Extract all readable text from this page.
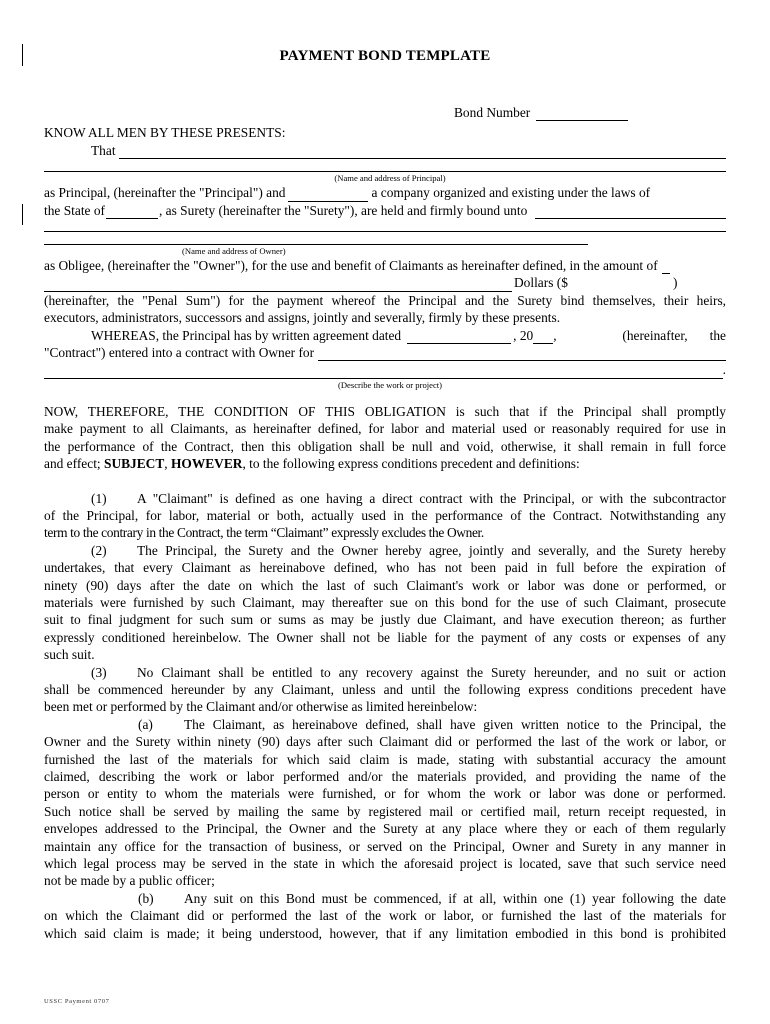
PAYMENT BOND TEMPLATE
Bond Number
KNOW ALL MEN BY THESE PRESENTS:
That
(Name and address of Principal)
as Principal, (hereinafter the "Principal") and	a company organized and existing under the laws of
the State of	, as Surety (hereinafter the "Surety"), are held and firmly bound unto
(Name and address of Owner)
as Obligee, (hereinafter the "Owner"), for the use and benefit of Claimants as hereinafter defined, in the amount of
Dollars ($	)
(hereinafter, the "Penal Sum") for the payment whereof the Principal and the Surety bind themselves, their heirs,
executors, administrators, successors and assigns, jointly and severally, firmly by these presents.
WHEREAS, the Principal has by written agreement dated	, 20 ,	(hereinafter, the
"Contract") entered into a contract with Owner for
.
(Describe the work or project)
NOW, THEREFORE, THE CONDITION OF THIS OBLIGATION is such that if the Principal shall promptly
make payment to all Claimants, as hereinafter defined, for labor and material used or reasonably required for use in
the performance of the Contract, then this obligation shall be null and void, otherwise, it shall remain in full force
and effect; SUBJECT, HOWEVER, to the following express conditions precedent and definitions:
(1) A "Claimant" is defined as one having a direct contract with the Principal, or with the subcontractor
of the Principal, for labor, material or both, actually used in the performance of the Contract. Notwithstanding any
term to the contrary in the Contract, the term “Claimant” expressly excludes the Owner.
(2) The Principal, the Surety and the Owner hereby agree, jointly and severally, and the Surety hereby
undertakes, that every Claimant as hereinabove defined, who has not been paid in full before the expiration of
ninety (90) days after the date on which the last of such Claimant's work or labor was done or performed, or
materials were furnished by such Claimant, may thereafter sue on this bond for the use of such Claimant, prosecute
suit to final judgment for such sum or sums as may be justly due Claimant, and have execution thereon; as further
expressly conditioned hereinbelow. The Owner shall not be liable for the payment of any costs or expenses of any
such suit.
(3) No Claimant shall be entitled to any recovery against the Surety hereunder, and no suit or action
shall be commenced hereunder by any Claimant, unless and until the following express conditions precedent have
been met or performed by the Claimant and/or otherwise as limited hereinbelow:
(a) The Claimant, as hereinabove defined, shall have given written notice to the Principal, the
Owner and the Surety within ninety (90) days after such Claimant did or performed the last of the work or labor, or
furnished the last of the materials for which said claim is made, stating with substantial accuracy the amount
claimed, describing the work or labor performed and/or the materials provided, and providing the name of the
person or entity to whom the materials were furnished, or for whom the work or labor was done or performed.
Such notice shall be served by mailing the same by registered mail or certified mail, return receipt requested, in
envelopes addressed to the Principal, the Owner and the Surety at any place where they or each of them regularly
maintain any office for the transaction of business, or served on the Principal, Owner and Surety in any manner in
which legal process may be served in the state in which the aforesaid project is located, save that such service need
not be made by a public officer;
(b) Any suit on this Bond must be commenced, if at all, within one (1) year following the date
on which the Claimant did or performed the last of the work or labor, or furnished the last of the materials for
which said claim is made; it being understood, however, that if any limitation embodied in this bond is prohibited
USSC Payment 0707
